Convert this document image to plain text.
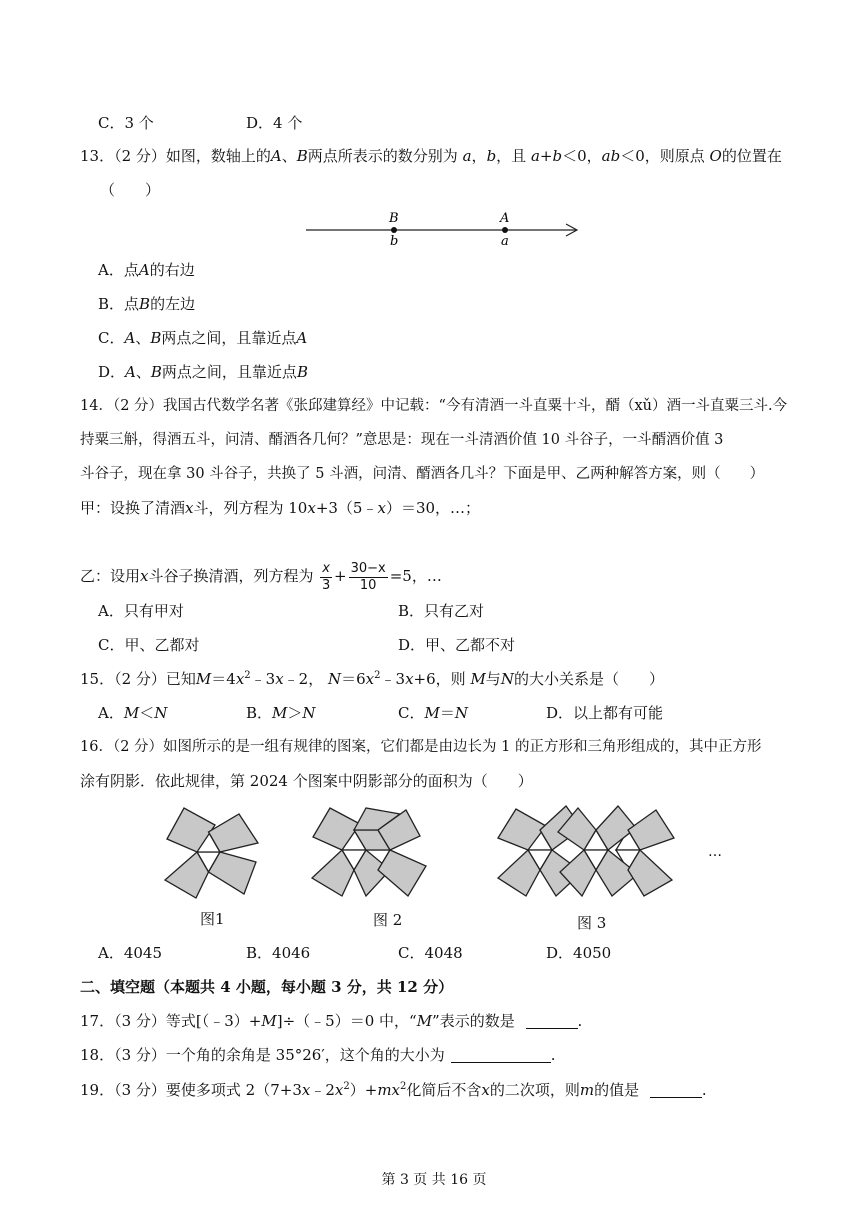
C．3 个	D．4 个
13．（2 分）如图，数轴上的A、B两点所表示的数分别为 a，b，且 a+b＜0，ab＜0，则原点 O的位置在
（　　）
B
b
A
a
A．点A的右边
B．点B的左边
C．A、B两点之间，且靠近点A
D．A、B两点之间，且靠近点B
14．（2 分）我国古代数学名著《张邱建算经》中记载：“今有清酒一斗直粟十斗，醑（xǔ）酒一斗直粟三斗.今
持粟三斛，得酒五斗，问清、醑酒各几何？”意思是：现在一斗清酒价值 10 斗谷子，一斗醑酒价值 3
斗谷子，现在拿 30 斗谷子，共换了 5 斗酒，问清、醑酒各几斗？下面是甲、乙两种解答方案，则（　　）
甲：设换了清酒x斗，列方程为 10x+3（5﹣x）＝30，…；
乙：设用x斗谷子换清酒，列方程为 $\frac{x}{3} + \frac{30-x}{10} =5$，…
A．只有甲对	B．只有乙对
C．甲、乙都对	D．甲、乙都不对
15．（2 分）已知$M=4x^2﹣3x﹣2$， $N=6x^2﹣3x+6$，则 M与N的大小关系是（　　）
A．M＜N	B．M＞N	C．M＝N	D．以上都有可能
16．（2 分）如图所示的是一组有规律的图案，它们都是由边长为 1 的正方形和三角形组成的，其中正方形
涂有阴影．依此规律，第 2024 个图案中阴影部分的面积为（　　）
…
图1	图 2	图 3
A．4045	B．4046	C．4048	D．4050
二、填空题（本题共 4 小题，每小题 3 分，共 12 分）
17．（3 分）等式[（﹣3）+M]÷（﹣5）＝0 中，“M”表示的数是	.
18．（3 分）一个角的余角是 35°26′，这个角的大小为	.
19．（3 分）要使多项式 $2(7+3x﹣2x^2)+mx^2$化简后不含x的二次项，则m的值是	.
第 3 页 共 16 页
